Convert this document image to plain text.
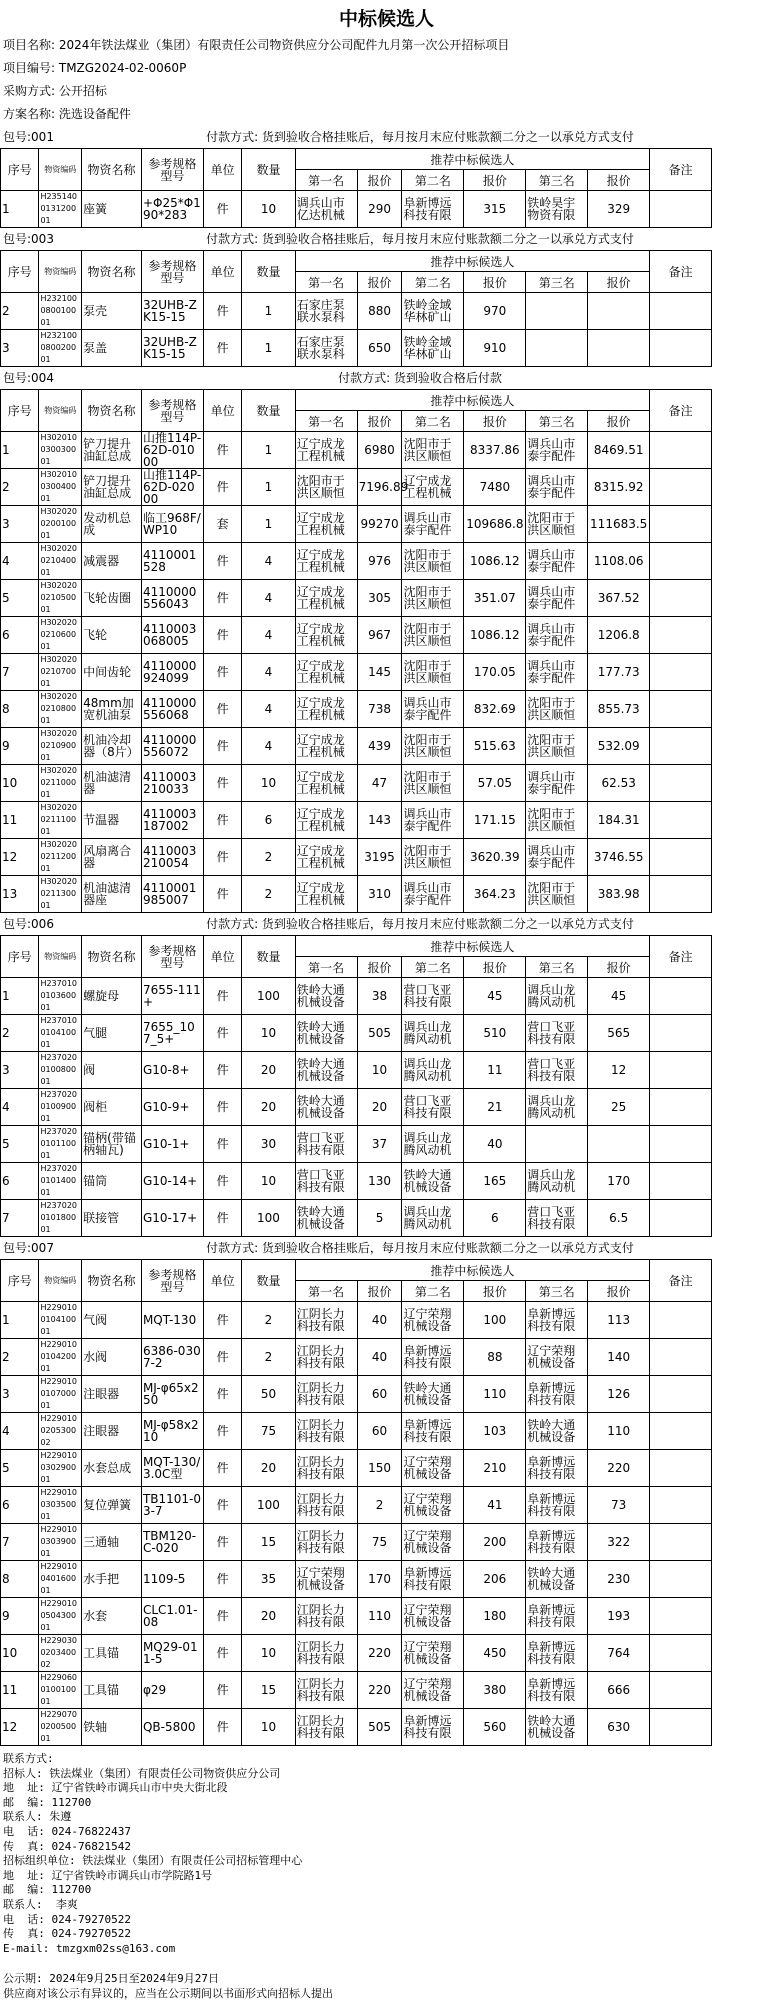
中标候选人
项目名称: 2024年铁法煤业（集团）有限责任公司物资供应分公司配件九月第一次公开招标项目
项目编号: TMZG2024-02-0060P
采购方式: 公开招标
方案名称: 洗选设备配件
包号:001	付款方式: 货到验收合格挂账后，每月按月末应付账款额二分之一以承兑方式支付
序号	物资编码	物资名称	参考规格型号	单位	数量	推荐中标候选人						备注
						第一名	报价	第二名	报价	第三名	报价	
1	H235140013120001	座簧	+Φ25*Φ190*283	件	10	调兵山市亿达机械	290	阜新博远科技有限	315	铁岭昊宇物资有限	329	
包号:003	付款方式: 货到验收合格挂账后，每月按月末应付账款额二分之一以承兑方式支付
序号	物资编码	物资名称	参考规格型号	单位	数量	推荐中标候选人						备注
						第一名	报价	第二名	报价	第三名	报价	
2	H232100080010001	泵壳	32UHB-ZK15-15	件	1	石家庄泵联水泵科	880	铁岭金域华林矿山	970			
3	H232100080020001	泵盖	32UHB-ZK15-15	件	1	石家庄泵联水泵科	650	铁岭金域华林矿山	910			
包号:004	付款方式: 货到验收合格后付款
序号	物资编码	物资名称	参考规格型号	单位	数量	推荐中标候选人						备注
						第一名	报价	第二名	报价	第三名	报价	
1	H302010030030001	铲刀提升油缸总成	山推114P-62D-01000	件	1	辽宁成龙工程机械	6980	沈阳市于洪区顺恒	8337.86	调兵山市泰宇配件	8469.51	
2	H302010030040001	铲刀提升油缸总成	山推114P-62D-02000	件	1	沈阳市于洪区顺恒	7196.89	辽宁成龙工程机械	7480	调兵山市泰宇配件	8315.92	
3	H302020020010001	发动机总成	临工968F/WP10	套	1	辽宁成龙工程机械	99270	调兵山市泰宇配件	109686.8	沈阳市于洪区顺恒	111683.5	
4	H302020021040001	减震器	4110001528	件	4	辽宁成龙工程机械	976	沈阳市于洪区顺恒	1086.12	调兵山市泰宇配件	1108.06	
5	H302020021050001	飞轮齿圈	4110000556043	件	4	辽宁成龙工程机械	305	沈阳市于洪区顺恒	351.07	调兵山市泰宇配件	367.52	
6	H302020021060001	飞轮	4110003068005	件	4	辽宁成龙工程机械	967	沈阳市于洪区顺恒	1086.12	调兵山市泰宇配件	1206.8	
7	H302020021070001	中间齿轮	4110000924099	件	4	辽宁成龙工程机械	145	沈阳市于洪区顺恒	170.05	调兵山市泰宇配件	177.73	
8	H302020021080001	48mm加宽机油泵	4110000556068	件	4	辽宁成龙工程机械	738	调兵山市泰宇配件	832.69	沈阳市于洪区顺恒	855.73	
9	H302020021090001	机油冷却器（8片）	4110000556072	件	4	辽宁成龙工程机械	439	沈阳市于洪区顺恒	515.63	沈阳市于洪区顺恒	532.09	
10	H302020021100001	机油滤清器	4110003210033	件	10	辽宁成龙工程机械	47	沈阳市于洪区顺恒	57.05	调兵山市泰宇配件	62.53	
11	H302020021110001	节温器	4110003187002	件	6	辽宁成龙工程机械	143	调兵山市泰宇配件	171.15	沈阳市于洪区顺恒	184.31	
12	H302020021120001	风扇离合器	4110003210054	件	2	辽宁成龙工程机械	3195	沈阳市于洪区顺恒	3620.39	调兵山市泰宇配件	3746.55	
13	H302020021130001	机油滤清器座	4110001985007	件	2	辽宁成龙工程机械	310	调兵山市泰宇配件	364.23	沈阳市于洪区顺恒	383.98	
包号:006	付款方式: 货到验收合格挂账后，每月按月末应付账款额二分之一以承兑方式支付
序号	物资编码	物资名称	参考规格型号	单位	数量	推荐中标候选人						备注
						第一名	报价	第二名	报价	第三名	报价	
1	H237010010360001	螺旋母	7655-111+	件	100	铁岭大通机械设备	38	营口飞亚科技有限	45	调兵山龙腾风动机	45	
2	H237010010410001	气腿	7655_107_5+	件	10	铁岭大通机械设备	505	调兵山龙腾风动机	510	营口飞亚科技有限	565	
3	H237020010080001	阀	G10-8+	件	20	铁岭大通机械设备	10	调兵山龙腾风动机	11	营口飞亚科技有限	12	
4	H237020010090001	阀柜	G10-9+	件	20	铁岭大通机械设备	20	营口飞亚科技有限	21	调兵山龙腾风动机	25	
5	H237020010110001	锚柄(带锚柄轴瓦)	G10-1+	件	30	营口飞亚科技有限	37	调兵山龙腾风动机	40			
6	H237020010140001	锚筒	G10-14+	件	10	营口飞亚科技有限	130	铁岭大通机械设备	165	调兵山龙腾风动机	170	
7	H237020010180001	联接管	G10-17+	件	100	铁岭大通机械设备	5	调兵山龙腾风动机	6	营口飞亚科技有限	6.5	
包号:007	付款方式: 货到验收合格挂账后，每月按月末应付账款额二分之一以承兑方式支付
序号	物资编码	物资名称	参考规格型号	单位	数量	推荐中标候选人						备注
						第一名	报价	第二名	报价	第三名	报价	
1	H229010010410001	气阀	MQT-130	件	2	江阴长力科技有限	40	辽宁荣翔机械设备	100	阜新博远科技有限	113	
2	H229010010420001	水阀	6386-0307-2	件	2	江阴长力科技有限	40	阜新博远科技有限	88	辽宁荣翔机械设备	140	
3	H229010010700001	注眼器	MJ-φ65x250	件	50	江阴长力科技有限	60	铁岭大通机械设备	110	阜新博远科技有限	126	
4	H229010020530002	注眼器	MJ-φ58x210	件	75	江阴长力科技有限	60	阜新博远科技有限	103	铁岭大通机械设备	110	
5	H229010030290001	水套总成	MQT-130/3.0C型	件	20	江阴长力科技有限	150	辽宁荣翔机械设备	210	阜新博远科技有限	220	
6	H229010030350001	复位弹簧	TB1101-03-7	件	100	江阴长力科技有限	2	辽宁荣翔机械设备	41	阜新博远科技有限	73	
7	H229010030390001	三通轴	TBM120-C-020	件	15	江阴长力科技有限	75	辽宁荣翔机械设备	200	阜新博远科技有限	322	
8	H229010040160001	水手把	1109-5	件	35	辽宁荣翔机械设备	170	阜新博远科技有限	206	铁岭大通机械设备	230	
9	H229010050430001	水套	CLC1.01-08	件	20	江阴长力科技有限	110	辽宁荣翔机械设备	180	阜新博远科技有限	193	
10	H229030020340002	工具锚	MQ29-011-5	件	10	江阴长力科技有限	220	辽宁荣翔机械设备	450	阜新博远科技有限	764	
11	H229060010010001	工具锚	φ29	件	15	江阴长力科技有限	220	辽宁荣翔机械设备	380	阜新博远科技有限	666	
12	H229070020050001	铁轴	QB-5800	件	10	江阴长力科技有限	505	阜新博远科技有限	560	铁岭大通机械设备	630	
联系方式:
招标人: 铁法煤业（集团）有限责任公司物资供应分公司
地  址: 辽宁省铁岭市调兵山市中央大街北段
邮  编: 112700
联系人: 朱遵
电  话: 024-76822437
传  真: 024-76821542
招标组织单位: 铁法煤业（集团）有限责任公司招标管理中心
地  址: 辽宁省铁岭市调兵山市学院路1号
邮  编: 112700
联系人:  李爽
电  话: 024-79270522
传  真: 024-79270522
E-mail: tmzgxm02ss@163.com
公示期: 2024年9月25日至2024年9月27日
供应商对该公示有异议的，应当在公示期间以书面形式向招标人提出
